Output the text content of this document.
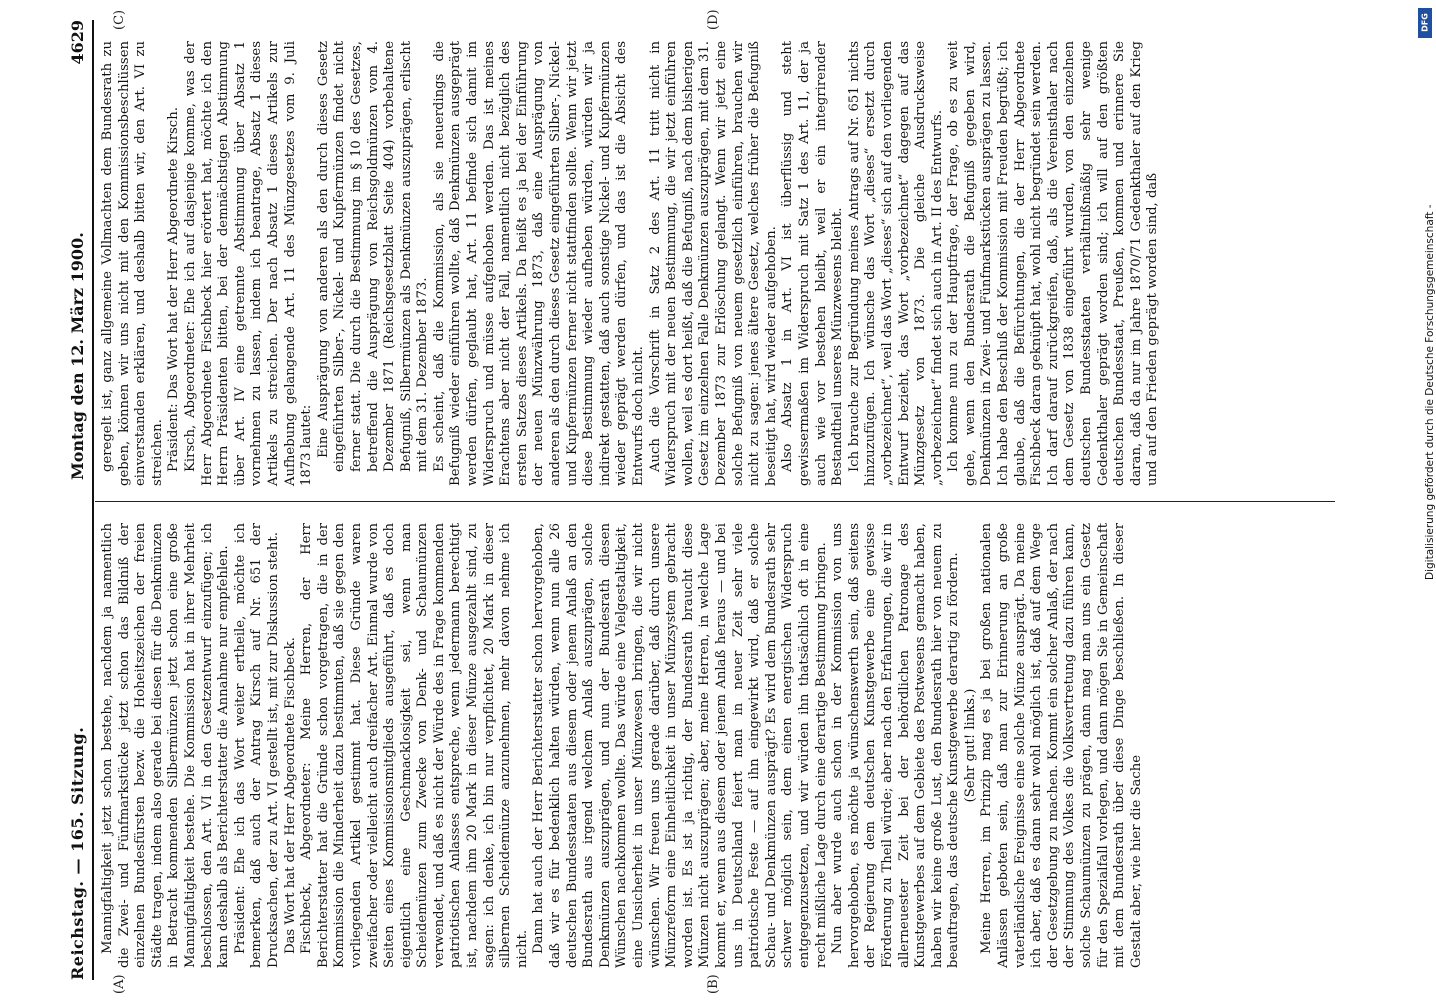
Reichstag. — 165. Sitzung.
Montag den 12. März 1900.
4629
(A)	(B)
(C)	(D)

Mannigfaltigkeit jetzt schon bestehe, nachdem ja namentlich die Zwei- und Fünfmarkstücke jetzt schon das Bildniß der einzelnen Bundesfürsten bezw. die Hoheitszeichen der freien Städte tragen, indem also gerade bei diesen für die Denkmünzen in Betracht kommenden Silbermünzen jetzt schon eine große Mannigfaltigkeit bestehe. Die Kommission hat in ihrer Mehrheit beschlossen, den Art. VI in den Gesetzentwurf einzufügen; ich kann deshalb als Berichterstatter die Annahme nur empfehlen. Präsident: Ehe ich das Wort weiter ertheile, möchte ich bemerken, daß auch der Antrag Kirsch auf Nr. 651 der Drucksachen, der zu Art. VI gestellt ist, mit zur Diskussion steht. Das Wort hat der Herr Abgeordnete Fischbeck. Fischbeck, Abgeordneter: Meine Herren, der Herr Berichterstatter hat die Gründe schon vorgetragen, die in der Kommission die Minderheit dazu bestimmten, daß sie gegen den vorliegenden Artikel gestimmt hat. Diese Gründe waren zweifacher oder vielleicht auch dreifacher Art. Einmal wurde von Seiten eines Kommissionsmitglieds ausgeführt, daß es doch eigentlich eine Geschmacklosigkeit sei, wenn man Scheidemünzen zum Zwecke von Denk- und Schaumünzen verwendet, und daß es nicht der Würde des in Frage kommenden patriotischen Anlasses entspreche, wenn jedermann berechtigt ist, nachdem ihm 20 Mark in dieser Münze ausgezahlt sind, zu sagen: ich denke, ich bin nur verpflichtet, 20 Mark in dieser silbernen Scheidemünze anzunehmen, mehr davon nehme ich nicht. Dann hat auch der Herr Berichterstatter schon hervorgehoben, daß wir es für bedenklich halten würden, wenn nun alle 26 deutschen Bundesstaaten aus diesem oder jenem Anlaß an den Bundesrath aus irgend welchem Anlaß auszuprägen, solche Denkmünzen auszuprägen, und nun der Bundesrath diesen Wünschen nachkommen wollte. Das würde eine Vielgestaltigkeit, eine Unsicherheit in unser Münzwesen bringen, die wir nicht wünschen. Wir freuen uns gerade darüber, daß durch unsere Münzreform eine Einheitlichkeit in unser Münzsystem gebracht worden ist. Es ist ja richtig, der Bundesrath braucht diese Münzen nicht auszuprägen; aber, meine Herren, in welche Lage kommt er, wenn aus diesem oder jenem Anlaß heraus — und bei uns in Deutschland feiert man in neuer Zeit sehr viele patriotische Feste — auf ihn eingewirkt wird, daß er solche Schau- und Denkmünzen ausprägt? Es wird dem Bundesrath sehr schwer möglich sein, dem einen energischen Widerspruch entgegenzusetzen, und wir würden ihn thatsächlich oft in eine recht mißliche Lage durch eine derartige Bestimmung bringen. Nun aber wurde auch schon in der Kommission von uns hervorgehoben, es möchte ja wünschenswerth sein, daß seitens der Regierung dem deutschen Kunstgewerbe eine gewisse Förderung zu Theil würde; aber nach den Erfahrungen, die wir in allerneuester Zeit bei der behördlichen Patronage des Kunstgewerbes auf dem Gebiete des Postwesens gemacht haben, haben wir keine große Lust, den Bundesrath hier von neuem zu beauftragen, das deutsche Kunstgewerbe derartig zu fördern. (Sehr gut! links.) Meine Herren, im Prinzip mag es ja bei großen nationalen Anlässen geboten sein, daß man zur Erinnerung an große vaterländische Ereignisse eine solche Münze ausprägt. Da meine ich aber, daß es dann sehr wohl möglich ist, daß auf dem Wege der Gesetzgebung zu machen. Kommt ein solcher Anlaß, der nach der Stimmung des Volkes die Volksvertretung dazu führen kann, solche Schaumünzen zu prägen, dann mag man uns ein Gesetz für den Spezialfall vorlegen, und dann mögen Sie in Gemeinschaft mit dem Bundesrath über diese Dinge beschließen. In dieser Gestalt aber, wie hier die Sache

geregelt ist, ganz allgemeine Vollmachten dem Bundesrath zu geben, können wir uns nicht mit den Kommissionsbeschlüssen einverstanden erklären, und deshalb bitten wir, den Art. VI zu streichen. Präsident: Das Wort hat der Herr Abgeordnete Kirsch. Kirsch, Abgeordneter: Ehe ich auf dasjenige komme, was der Herr Abgeordnete Fischbeck hier erörtert hat, möchte ich den Herrn Präsidenten bitten, bei der demnächstigen Abstimmung über Art. IV eine getrennte Abstimmung über Absatz 1 vornehmen zu lassen, indem ich beantrage, Absatz 1 dieses Artikels zu streichen. Der nach Absatz 1 dieses Artikels zur Aufhebung gelangende Art. 11 des Münzgesetzes vom 9. Juli 1873 lautet: Eine Ausprägung von anderen als den durch dieses Gesetz eingeführten Silber-, Nickel- und Kupfermünzen findet nicht ferner statt. Die durch die Bestimmung im § 10 des Gesetzes, betreffend die Ausprägung von Reichsgoldmünzen vom 4. Dezember 1871 (Reichsgesetzblatt Seite 404) vorbehaltene Befugniß, Silbermünzen als Denkmünzen auszuprägen, erlischt mit dem 31. Dezember 1873. Es scheint, daß die Kommission, als sie neuerdings die Befugniß wieder einführen wollte, daß Denkmünzen ausgeprägt werden dürfen, geglaubt hat, Art. 11 befinde sich damit im Widerspruch und müsse aufgehoben werden. Das ist meines Erachtens aber nicht der Fall, namentlich nicht bezüglich des ersten Satzes dieses Artikels. Da heißt es ja bei der Einführung der neuen Münzwährung 1873, daß eine Ausprägung von anderen als den durch dieses Gesetz eingeführten Silber-, Nickel- und Kupfermünzen ferner nicht stattfinden sollte. Wenn wir jetzt diese Bestimmung wieder aufheben würden, würden wir ja indirekt gestatten, daß auch sonstige Nickel- und Kupfermünzen wieder geprägt werden dürfen, und das ist die Absicht des Entwurfs doch nicht. Auch die Vorschrift in Satz 2 des Art. 11 tritt nicht in Widerspruch mit der neuen Bestimmung, die wir jetzt einführen wollen, weil es dort heißt, daß die Befugniß, nach dem bisherigen Gesetz im einzelnen Falle Denkmünzen auszuprägen, mit dem 31. Dezember 1873 zur Erlöschung gelangt. Wenn wir jetzt eine solche Befugniß von neuem gesetzlich einführen, brauchen wir nicht zu sagen: jenes ältere Gesetz, welches früher die Befugniß beseitigt hat, wird wieder aufgehoben. Also Absatz 1 in Art. VI ist überflüssig und steht gewissermaßen im Widerspruch mit Satz 1 des Art. 11, der ja auch wie vor bestehen bleibt, weil er ein integrirender Bestandtheil unseres Münzwesens bleibt. Ich brauche zur Begründung meines Antrags auf Nr. 651 nichts hinzuzufügen. Ich wünsche das Wort „dieses“ ersetzt durch „vorbezeichnet“, weil das Wort „dieses“ sich auf den vorliegenden Entwurf bezieht, das Wort „vorbezeichnet“ dagegen auf das Münzgesetz von 1873. Die gleiche Ausdrucksweise „vorbezeichnet“ findet sich auch in Art. II des Entwurfs. Ich komme nun zu der Hauptfrage, der Frage, ob es zu weit gehe, wenn den Bundesrath die Befugniß gegeben wird, Denkmünzen in Zwei- und Fünfmarkstücken ausprägen zu lassen. Ich habe den Beschluß der Kommission mit Freuden begrüßt; ich glaube, daß die Befürchtungen, die der Herr Abgeordnete Fischbeck daran geknüpft hat, wohl nicht begründet sein werden. Ich darf darauf zurückgreifen, daß, als die Vereinsthaler nach dem Gesetz von 1838 eingeführt wurden, von den einzelnen deutschen Bundesstaaten verhältnißmäßig sehr wenige Gedenkthaler geprägt worden sind; ich will auf den größten deutschen Bundesstaat, Preußen, kommen und erinnere Sie daran, daß da nur im Jahre 1870/71 Gedenkthaler auf den Krieg und auf den Frieden geprägt worden sind, daß

DFG
Digitalisierung gefördert durch die Deutsche Forschungsgemeinschaft -
